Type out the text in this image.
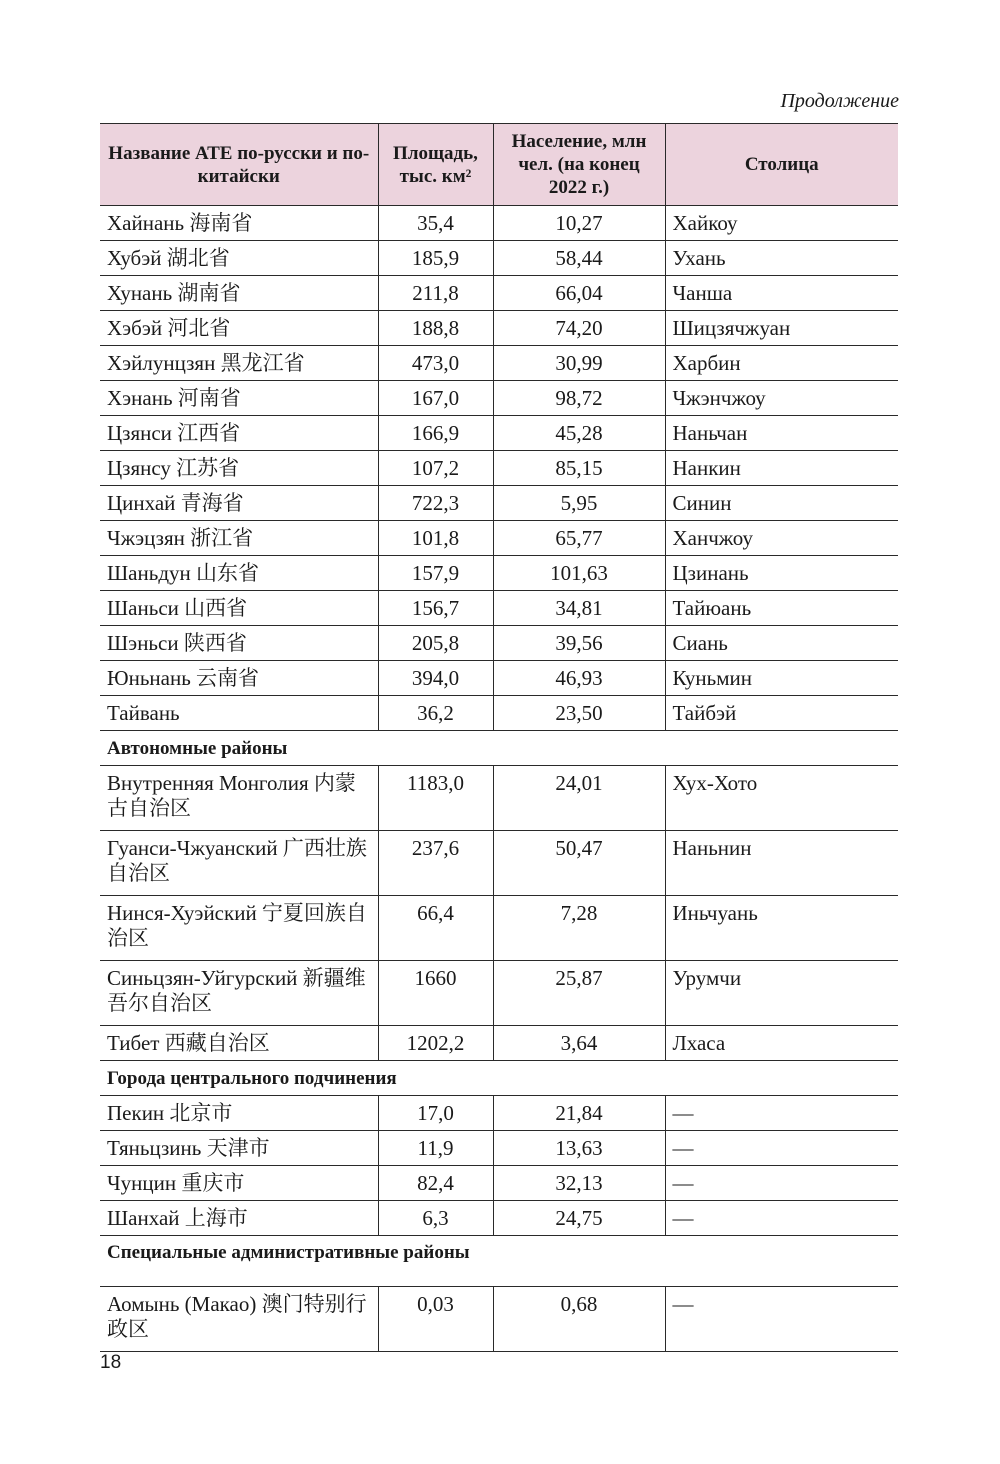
Продолжение
Название АТЕ по-русски и по-китайски	Площадь, тыс. км²	Население, млн чел. (на конец 2022 г.)	Столица
Хайнань 海南省	35,4	10,27	Хайкоу
Хубэй 湖北省	185,9	58,44	Ухань
Хунань 湖南省	211,8	66,04	Чанша
Хэбэй 河北省	188,8	74,20	Шицзячжуан
Хэйлунцзян 黑龙江省	473,0	30,99	Харбин
Хэнань 河南省	167,0	98,72	Чжэнчжоу
Цзянси 江西省	166,9	45,28	Наньчан
Цзянсу 江苏省	107,2	85,15	Нанкин
Цинхай 青海省	722,3	5,95	Синин
Чжэцзян 浙江省	101,8	65,77	Ханчжоу
Шаньдун 山东省	157,9	101,63	Цзинань
Шаньси 山西省	156,7	34,81	Тайюань
Шэньси 陕西省	205,8	39,56	Сиань
Юньнань 云南省	394,0	46,93	Куньмин
Тайвань	36,2	23,50	Тайбэй
Автономные районы			
Внутренняя Монголия 内蒙古自治区	1183,0	24,01	Хух-Хото
Гуанси-Чжуанский 广西壮族自治区	237,6	50,47	Наньнин
Нинся-Хуэйский 宁夏回族自治区	66,4	7,28	Иньчуань
Синьцзян-Уйгурский 新疆维吾尔自治区	1660	25,87	Урумчи
Тибет 西藏自治区	1202,2	3,64	Лхаса
Города центрального подчинения			
Пекин 北京市	17,0	21,84	—
Тяньцзинь 天津市	11,9	13,63	—
Чунцин 重庆市	82,4	32,13	—
Шанхай 上海市	6,3	24,75	—
Специальные административные районы			
Аомынь (Макао) 澳门特别行政区	0,03	0,68	—
18
